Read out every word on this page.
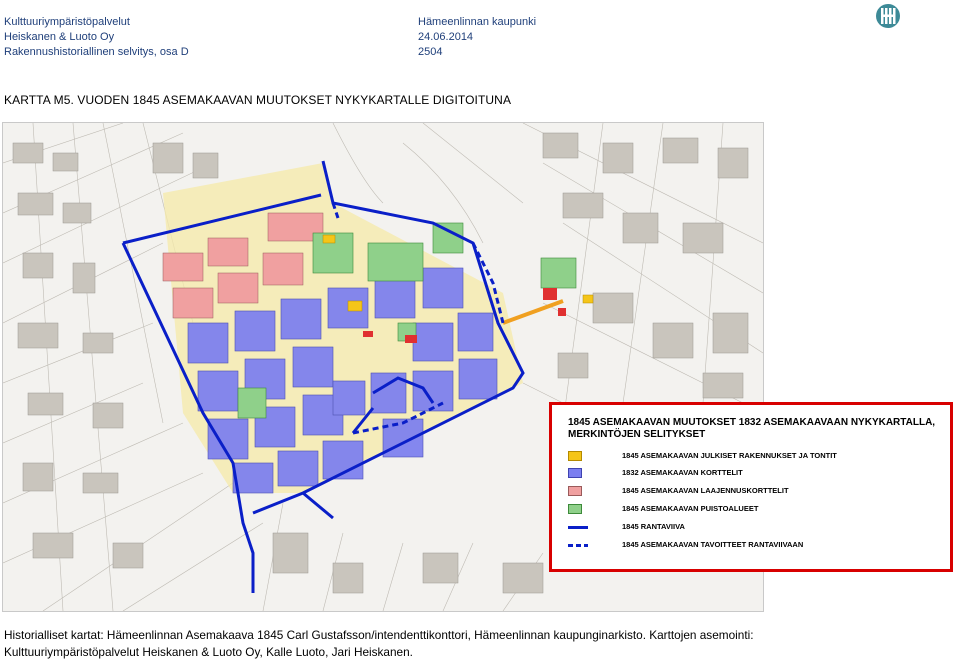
Kulttuuriympäristöpalvelut
Heiskanen & Luoto Oy
Rakennushistoriallinen selvitys, osa D
Hämeenlinnan kaupunki
24.06.2014
2504
KARTTA M5. VUODEN 1845 ASEMAKAAVAN MUUTOKSET NYKYKARTALLE DIGITOITUNA
1845 ASEMAKAAVAN MUUTOKSET 1832 ASEMAKAAVAAN NYKYKARTALLA, MERKINTÖJEN SELITYKSET
1845 ASEMAKAAVAN JULKISET RAKENNUKSET JA TONTIT
1832 ASEMAKAAVAN KORTTELIT
1845 ASEMAKAAVAN LAAJENNUSKORTTELIT
1845 ASEMAKAAVAN PUISTOALUEET
1845 RANTAVIIVA
1845 ASEMAKAAVAN TAVOITTEET RANTAVIIVAAN
Historialliset kartat: Hämeenlinnan Asemakaava 1845 Carl Gustafsson/intendenttikonttori, Hämeenlinnan kaupunginarkisto. Karttojen asemointi:
Kulttuuriympäristöpalvelut Heiskanen & Luoto Oy, Kalle Luoto, Jari Heiskanen.
